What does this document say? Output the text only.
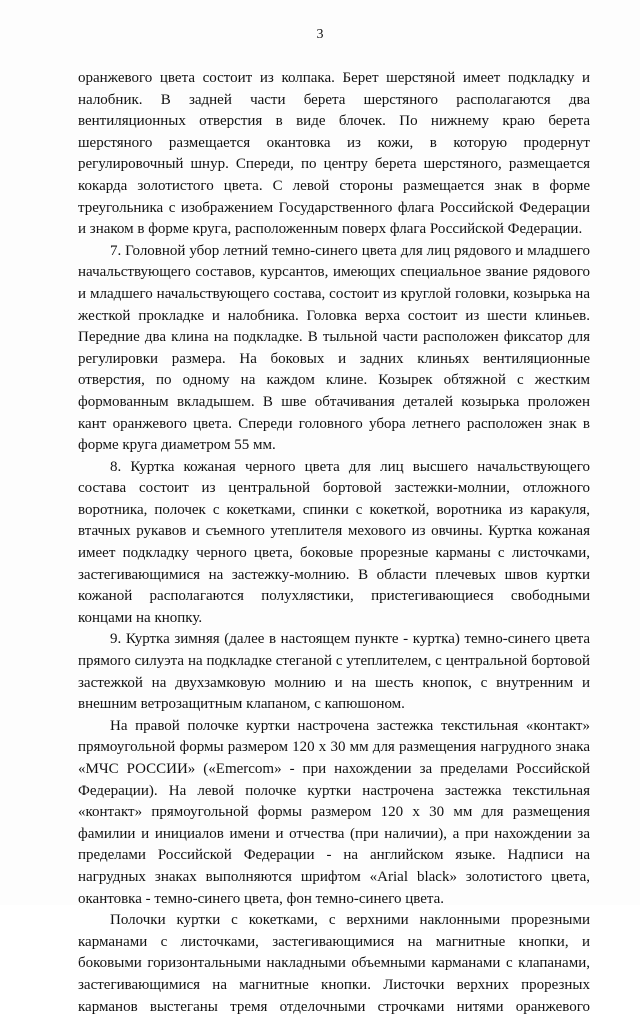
3

оранжевого цвета состоит из колпака. Берет шерстяной имеет подкладку и налобник. В задней части берета шерстяного располагаются два вентиляционных отверстия в виде блочек. По нижнему краю берета шерстяного размещается окантовка из кожи, в которую продернут регулировочный шнур. Спереди, по центру берета шерстяного, размещается кокарда золотистого цвета. С левой стороны размещается знак в форме треугольника с изображением Государственного флага Российской Федерации и знаком в форме круга, расположенным поверх флага Российской Федерации.

7. Головной убор летний темно-синего цвета для лиц рядового и младшего начальствующего составов, курсантов, имеющих специальное звание рядового и младшего начальствующего состава, состоит из круглой головки, козырька на жесткой прокладке и налобника. Головка верха состоит из шести клиньев. Передние два клина на подкладке. В тыльной части расположен фиксатор для регулировки размера. На боковых и задних клиньях вентиляционные отверстия, по одному на каждом клине. Козырек обтяжной с жестким формованным вкладышем. В шве обтачивания деталей козырька проложен кант оранжевого цвета. Спереди головного убора летнего расположен знак в форме круга диаметром 55 мм.

8. Куртка кожаная черного цвета для лиц высшего начальствующего состава состоит из центральной бортовой застежки-молнии, отложного воротника, полочек с кокетками, спинки с кокеткой, воротника из каракуля, втачных рукавов и съемного утеплителя мехового из овчины. Куртка кожаная имеет подкладку черного цвета, боковые прорезные карманы с листочками, застегивающимися на застежку-молнию. В области плечевых швов куртки кожаной располагаются полухлястики, пристегивающиеся свободными концами на кнопку.

9. Куртка зимняя (далее в настоящем пункте - куртка) темно-синего цвета прямого силуэта на подкладке стеганой с утеплителем, с центральной бортовой застежкой на двухзамковую молнию и на шесть кнопок, с внутренним и внешним ветрозащитным клапаном, с капюшоном.

На правой полочке куртки настрочена застежка текстильная «контакт» прямоугольной формы размером 120 х 30 мм для размещения нагрудного знака «МЧС РОССИИ» («Emercom» - при нахождении за пределами Российской Федерации). На левой полочке куртки настрочена застежка текстильная «контакт» прямоугольной формы размером 120 х 30 мм для размещения фамилии и инициалов имени и отчества (при наличии), а при нахождении за пределами Российской Федерации - на английском языке. Надписи на нагрудных знаках выполняются шрифтом «Arial black» золотистого цвета, окантовка - темно-синего цвета, фон темно-синего цвета.

Полочки куртки с кокетками, с верхними наклонными прорезными карманами с листочками, застегивающимися на магнитные кнопки, и боковыми горизонтальными накладными объемными карманами с клапанами, застегивающимися на магнитные кнопки. Листочки верхних прорезных карманов выстеганы тремя отделочными строчками нитями оранжевого
